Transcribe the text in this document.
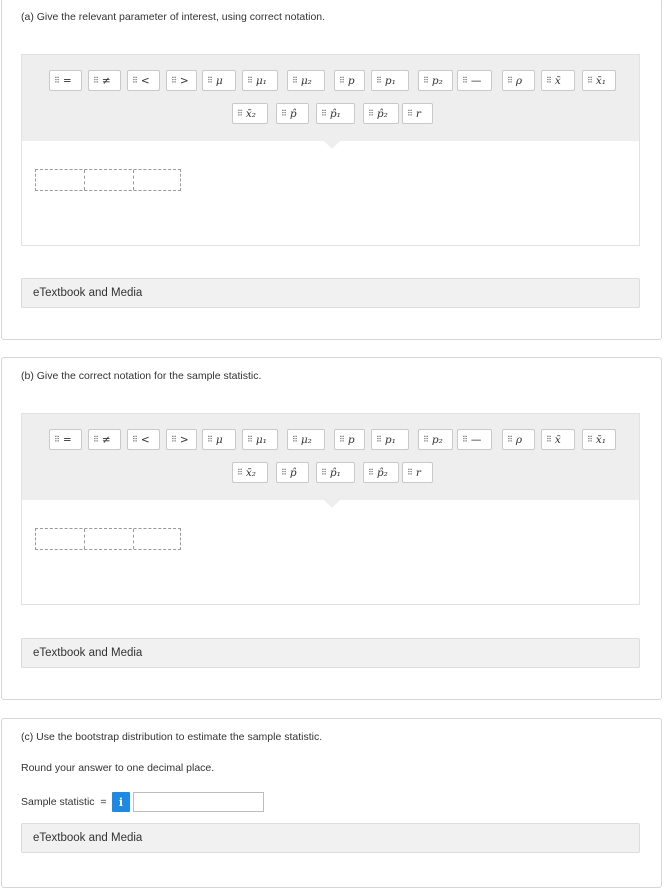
(a) Give the relevant parameter of interest, using correct notation.
eTextbook and Media
(b) Give the correct notation for the sample statistic.
eTextbook and Media
(c) Use the bootstrap distribution to estimate the sample statistic.
Round your answer to one decimal place.
Sample statistic  =	i
eTextbook and Media
⠿ =	⠿ ≠	⠿ <	⠿ > ⠿ μ	⠿ μ₁	⠿ μ₂	⠿ p	⠿ p₁	⠿ p₂ ⠿ —	⠿ ρ	⠿ x̄	⠿ x̄₁
⠿ x̄₂	⠿ p̂	⠿ p̂₁	⠿ p̂₂ ⠿ r
⠿ =	⠿ ≠	⠿ <	⠿ > ⠿ μ	⠿ μ₁	⠿ μ₂	⠿ p	⠿ p₁	⠿ p₂ ⠿ —	⠿ ρ	⠿ x̄	⠿ x̄₁
⠿ x̄₂	⠿ p̂	⠿ p̂₁	⠿ p̂₂ ⠿ r
